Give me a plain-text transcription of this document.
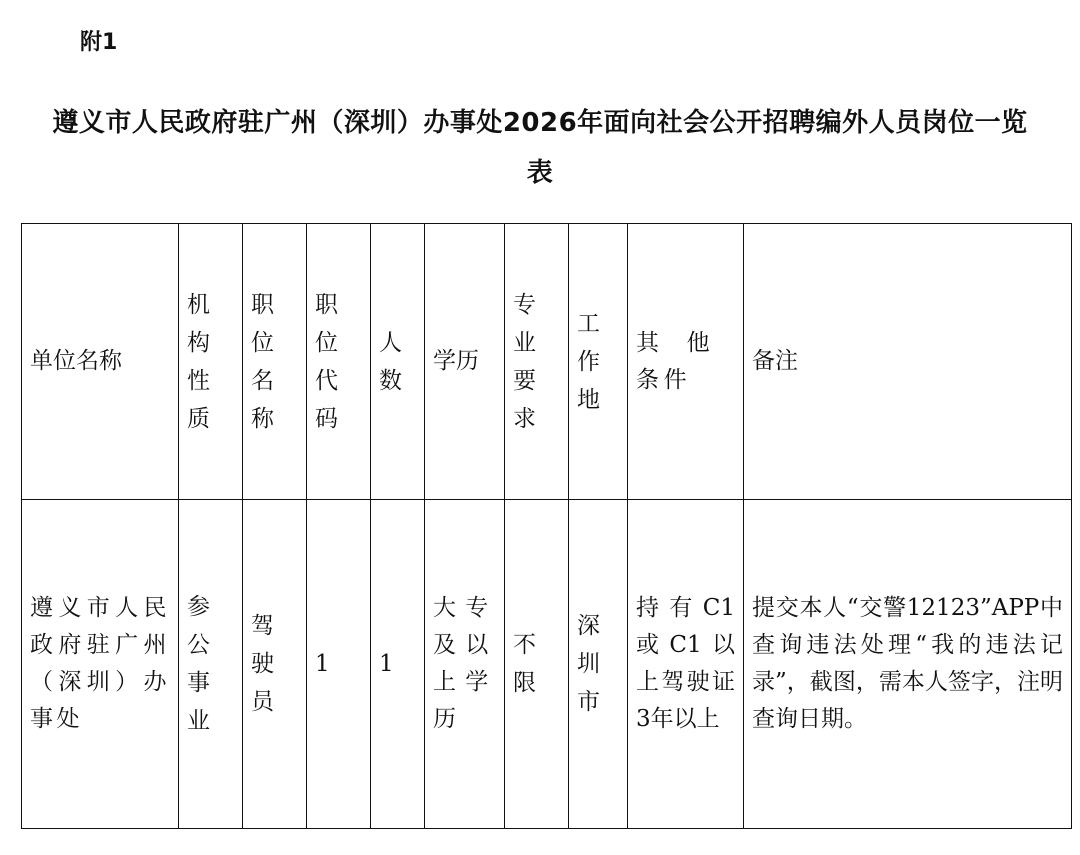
附1

遵义市人民政府驻广州（深圳）办事处2026年面向社会公开招聘编外人员岗位一览
表
单位名称	机构性质	职位名称	职位代码	人数	学历	专业要求	工作地	其他条件	备注

遵义市人民政府驻广州（深圳）办事处	参公事业	驾驶员	1	1	大专及以上学历	不限	深圳市	持有C1或C1以上驾驶证3年以上	提交本人“交警12123”APP中查询违法处理“我的违法记录”，截图，需本人签字，注明查询日期。
